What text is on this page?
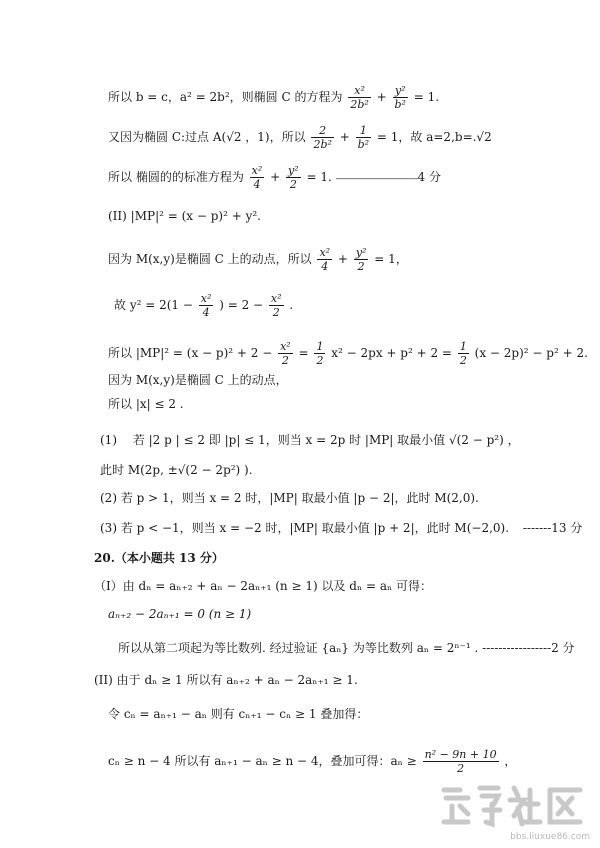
所以 b = c，a² = 2b²，则椭圆 C 的方程为 $\frac{\text{x²}}{\text{2b²}} + \frac{\text{y²}}{\text{b²}} = 1$.
又因为椭圆 C:过点 A(√2 ，1)，所以 $\frac{2}{\text{2b²}} + \frac{1}{\text{b²}} = 1$，故 a=2,b=.√2
所以 椭圆的的标准方程为 $\frac{\text{x²}}{4} + \frac{\text{y²}}{2} = 1$. ------------------------------------------------------------4 分
(II) |MP|² = (x − p)² + y².
因为 M(x,y)是椭圆 C 上的动点，所以 $\frac{\text{x²}}{4} + \frac{\text{y²}}{2} = 1$，
故 $y^2 = 2(1 - \frac{\text{x²}}{4}$ ) = $2 - \frac{\text{x²}}{2}$ .
所以 $|MP|^2 = (x - p)^2 + 2 - \frac{\text{x²}}{2} = \frac{1}{2} x^2 - 2px + p^2 + 2 = \frac{1}{2} (x - 2p)^2 - p^2 + 2$.
因为 M(x,y)是椭圆 C 上的动点，
所以 |x| ≤ 2 .
(1)　 若 |2 p | ≤ 2 即 |p| ≤ 1，则当 x = 2p 时 |MP| 取最小值 √(2 − p²) ，
此时 M(2p, ±√(2 − 2p²) ).
(2) 若 p > 1，则当 x = 2 时，|MP| 取最小值 |p − 2|，此时 M(2,0).
(3) 若 p < −1，则当 x = −2 时，|MP| 取最小值 |p + 2|，此时 M(−2,0). -------13 分
20.（本小题共 13 分）
（Ⅰ）由 dₙ = aₙ₊₂ + aₙ − 2aₙ₊₁ (n ≥ 1) 以及 dₙ = aₙ 可得：
aₙ₊₂ − 2aₙ₊₁ = 0 (n ≥ 1)
所以从第二项起为等比数列. 经过验证 {aₙ} 为等比数列 aₙ = 2ⁿ⁻¹ . -----------------2 分
(II) 由于 dₙ ≥ 1 所以有 aₙ₊₂ + aₙ − 2aₙ₊₁ ≥ 1.
令 cₙ = aₙ₊₁ − aₙ 则有 cₙ₊₁ − cₙ ≥ 1 叠加得：
cₙ ≥ n − 4 所以有 aₙ₊₁ − aₙ ≥ n − 4，叠加可得：$a_n \ge \frac{\text{n² − 9n + 10}}{2}$ ，
bbs.liuxue86.com
